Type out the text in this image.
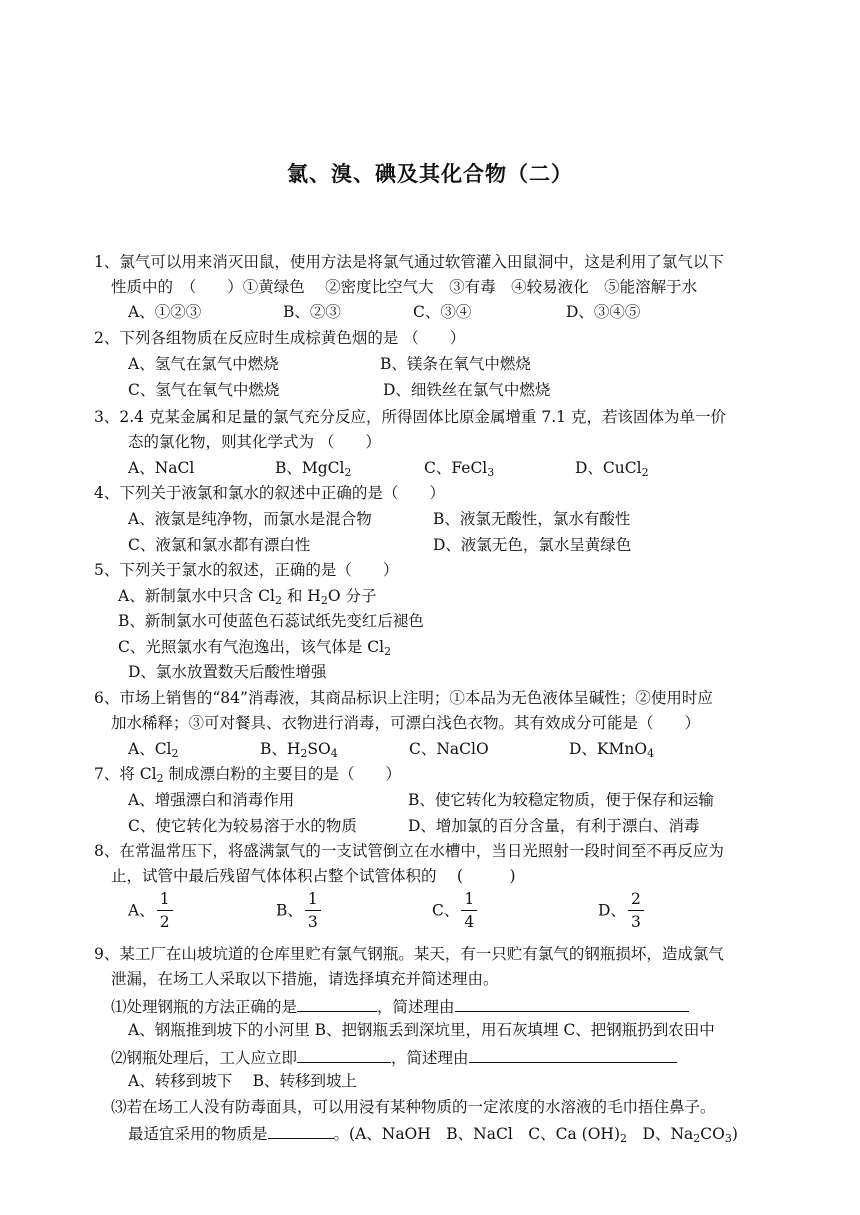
氯、溴、碘及其化合物（二）
1、氯气可以用来消灭田鼠，使用方法是将氯气通过软管灌入田鼠洞中，这是利用了氯气以下
性质中的　（　　）①黄绿色　 ②密度比空气大　③有毒　④较易液化　⑤能溶解于水
A、①②③	B、②③	C、③④	D、③④⑤
2、下列各组物质在反应时生成棕黄色烟的是 （　　）
A、氢气在氯气中燃烧	B、镁条在氧气中燃烧
C、氢气在氧气中燃烧	D、细铁丝在氯气中燃烧
3、2.4 克某金属和足量的氯气充分反应，所得固体比原金属增重 7.1 克，若该固体为单一价
态的氯化物，则其化学式为 （　　）
A、NaCl	B、MgCl$_2$	C、FeCl$_3$	D、CuCl$_2$
4、下列关于液氯和氯水的叙述中正确的是（　　）
A、液氯是纯净物，而氯水是混合物	B、液氯无酸性，氯水有酸性
C、液氯和氯水都有漂白性	D、液氯无色，氯水呈黄绿色
5、下列关于氯水的叙述，正确的是（　　）
A、新制氯水中只含 $Cl_2$ 和 $H_2O$ 分子
B、新制氯水可使蓝色石蕊试纸先变红后褪色
C、光照氯水有气泡逸出，该气体是 $Cl_2$
D、氯水放置数天后酸性增强
6、市场上销售的“84”消毒液，其商品标识上注明；①本品为无色液体呈碱性；②使用时应
加水稀释；③可对餐具、衣物进行消毒，可漂白浅色衣物。其有效成分可能是（　　）
A、$Cl_2$	B、$H_2SO_4$	C、NaClO	D、KMnO$_4$
7、将 $Cl_2$ 制成漂白粉的主要目的是（　　）
A、增强漂白和消毒作用	B、使它转化为较稳定物质，便于保存和运输
C、使它转化为较易溶于水的物质	D、增加氯的百分含量，有利于漂白、消毒
8、在常温常压下，将盛满氯气的一支试管倒立在水槽中，当日光照射一段时间至不再反应为
止，试管中最后残留气体体积占整个试管体积的　 (　　　)
A、 $\frac{1}{2}$	B、 $\frac{1}{3}$	C、 $\frac{1}{4}$	D、 $\frac{2}{3}$
9、某工厂在山坡坑道的仓库里贮有氯气钢瓶。某天，有一只贮有氯气的钢瓶损坏，造成氯气
泄漏，在场工人采取以下措施，请选择填充并简述理由。
⑴处理钢瓶的方法正确的是	，简述理由
A、钢瓶推到坡下的小河里 B、把钢瓶丢到深坑里，用石灰填埋 C、把钢瓶扔到农田中
⑵钢瓶处理后，工人应立即	，简述理由
A、转移到坡下　 B、转移到坡上
⑶若在场工人没有防毒面具，可以用浸有某种物质的一定浓度的水溶液的毛巾捂住鼻子。
最适宜采用的物质是	。(A、NaOH　B、NaCl　C、Ca $(OH)_2$　D、$Na_2CO_3$)
